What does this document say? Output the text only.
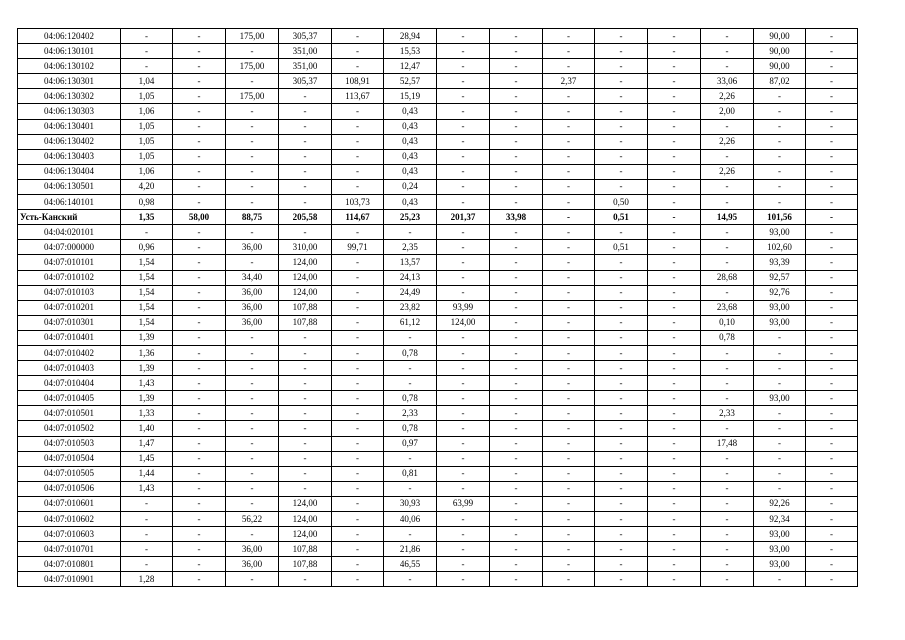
04:06:120402	-	-	175,00	305,37	-	28,94	-	-	-	-	-	-	90,00	-
04:06:130101	-	-	-	351,00	-	15,53	-	-	-	-	-	-	90,00	-
04:06:130102	-	-	175,00	351,00	-	12,47	-	-	-	-	-	-	90,00	-
04:06:130301	1,04	-	-	305,37	108,91	52,57	-	-	2,37	-	-	33,06	87,02	-
04:06:130302	1,05	-	175,00	-	113,67	15,19	-	-	-	-	-	2,26	-	-
04:06:130303	1,06	-	-	-	-	0,43	-	-	-	-	-	2,00	-	-
04:06:130401	1,05	-	-	-	-	0,43	-	-	-	-	-	-	-	-
04:06:130402	1,05	-	-	-	-	0,43	-	-	-	-	-	2,26	-	-
04:06:130403	1,05	-	-	-	-	0,43	-	-	-	-	-	-	-	-
04:06:130404	1,06	-	-	-	-	0,43	-	-	-	-	-	2,26	-	-
04:06:130501	4,20	-	-	-	-	0,24	-	-	-	-	-	-	-	-
04:06:140101	0,98	-	-	-	103,73	0,43	-	-	-	0,50	-	-	-	-
Усть-Канский	1,35	58,00	88,75	205,58	114,67	25,23	201,37	33,98	-	0,51	-	14,95	101,56	-
04:04:020101	-	-	-	-	-	-	-	-	-	-	-	-	93,00	-
04:07:000000	0,96	-	36,00	310,00	99,71	2,35	-	-	-	0,51	-	-	102,60	-
04:07:010101	1,54	-	-	124,00	-	13,57	-	-	-	-	-	-	93,39	-
04:07:010102	1,54	-	34,40	124,00	-	24,13	-	-	-	-	-	28,68	92,57	-
04:07:010103	1,54	-	36,00	124,00	-	24,49	-	-	-	-	-	-	92,76	-
04:07:010201	1,54	-	36,00	107,88	-	23,82	93,99	-	-	-	-	23,68	93,00	-
04:07:010301	1,54	-	36,00	107,88	-	61,12	124,00	-	-	-	-	0,10	93,00	-
04:07:010401	1,39	-	-	-	-	-	-	-	-	-	-	0,78	-	-
04:07:010402	1,36	-	-	-	-	0,78	-	-	-	-	-	-	-	-
04:07:010403	1,39	-	-	-	-	-	-	-	-	-	-	-	-	-
04:07:010404	1,43	-	-	-	-	-	-	-	-	-	-	-	-	-
04:07:010405	1,39	-	-	-	-	0,78	-	-	-	-	-	-	93,00	-
04:07:010501	1,33	-	-	-	-	2,33	-	-	-	-	-	2,33	-	-
04:07:010502	1,40	-	-	-	-	0,78	-	-	-	-	-	-	-	-
04:07:010503	1,47	-	-	-	-	0,97	-	-	-	-	-	17,48	-	-
04:07:010504	1,45	-	-	-	-	-	-	-	-	-	-	-	-	-
04:07:010505	1,44	-	-	-	-	0,81	-	-	-	-	-	-	-	-
04:07:010506	1,43	-	-	-	-	-	-	-	-	-	-	-	-	-
04:07:010601	-	-	-	124,00	-	30,93	63,99	-	-	-	-	-	92,26	-
04:07:010602	-	-	56,22	124,00	-	40,06	-	-	-	-	-	-	92,34	-
04:07:010603	-	-	-	124,00	-	-	-	-	-	-	-	-	93,00	-
04:07:010701	-	-	36,00	107,88	-	21,86	-	-	-	-	-	-	93,00	-
04:07:010801	-	-	36,00	107,88	-	46,55	-	-	-	-	-	-	93,00	-
04:07:010901	1,28	-	-	-	-	-	-	-	-	-	-	-	-	-
